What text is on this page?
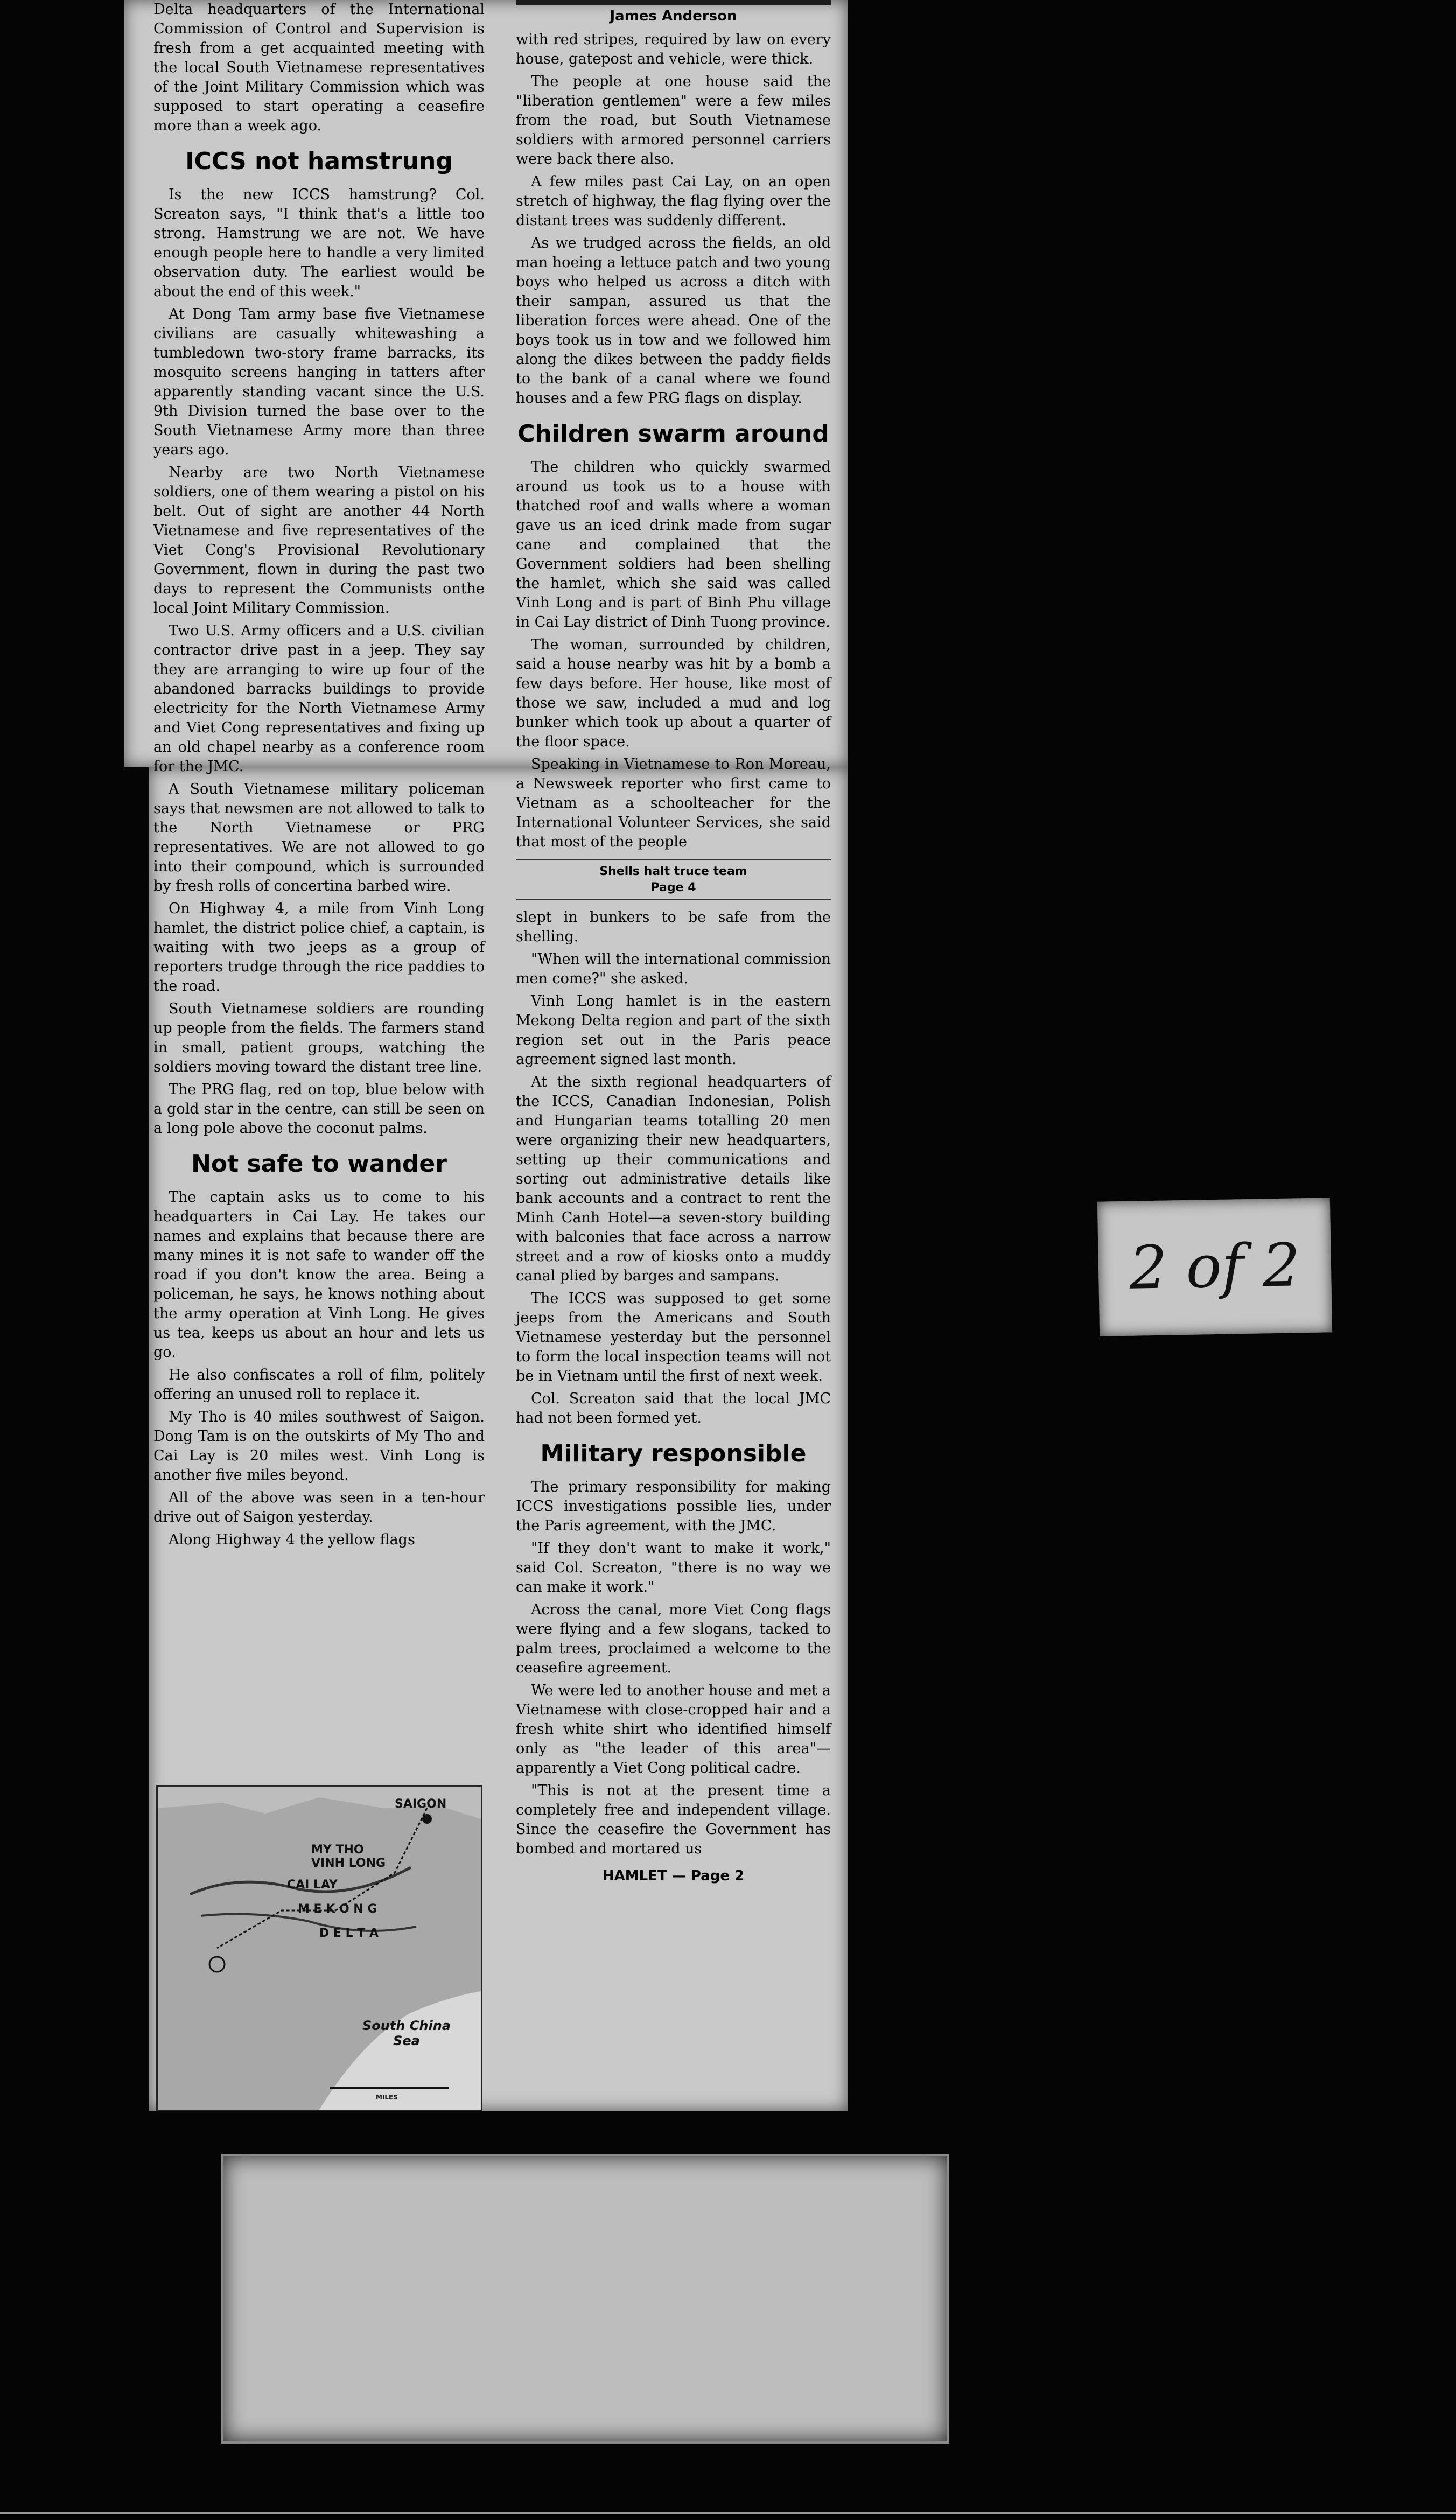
Delta headquarters of the International Commission of Control and Supervision is fresh from a get acquainted meeting with the local South Vietnamese representatives of the Joint Military Commission which was supposed to start operating a ceasefire more than a week ago.

ICCS not hamstrung

Is the new ICCS hamstrung? Col. Screaton says, "I think that's a little too strong. Hamstrung we are not. We have enough people here to handle a very limited observation duty. The earliest would be about the end of this week."

At Dong Tam army base five Vietnamese civilians are casually whitewashing a tumbledown two-story frame barracks, its mosquito screens hanging in tatters after apparently standing vacant since the U.S. 9th Division turned the base over to the South Vietnamese Army more than three years ago.

Nearby are two North Vietnamese soldiers, one of them wearing a pistol on his belt. Out of sight are another 44 North Vietnamese and five representatives of the Viet Cong's Provisional Revolutionary Government, flown in during the past two days to represent the Communists onthe local Joint Military Commission.

Two U.S. Army officers and a U.S. civilian contractor drive past in a jeep. They say they are arranging to wire up four of the abandoned barracks buildings to provide electricity for the North Vietnamese Army and Viet Cong representatives and fixing up an old chapel nearby as a conference room for the JMC.

A South Vietnamese military policeman says that newsmen are not allowed to talk to the North Vietnamese or PRG representatives. We are not allowed to go into their compound, which is surrounded by fresh rolls of concertina barbed wire.

On Highway 4, a mile from Vinh Long hamlet, the district police chief, a captain, is waiting with two jeeps as a group of reporters trudge through the rice paddies to the road.

South Vietnamese soldiers are rounding up people from the fields. The farmers stand in small, patient groups, watching the soldiers moving toward the distant tree line.

The PRG flag, red on top, blue below with a gold star in the centre, can still be seen on a long pole above the coconut palms.

Not safe to wander

The captain asks us to come to his headquarters in Cai Lay. He takes our names and explains that because there are many mines it is not safe to wander off the road if you don't know the area. Being a policeman, he says, he knows nothing about the army operation at Vinh Long. He gives us tea, keeps us about an hour and lets us go.

He also confiscates a roll of film, politely offering an unused roll to replace it.

My Tho is 40 miles southwest of Saigon. Dong Tam is on the outskirts of My Tho and Cai Lay is 20 miles west. Vinh Long is another five miles beyond.

All of the above was seen in a ten-hour drive out of Saigon yesterday.

Along Highway 4 the yellow flags

James Anderson

with red stripes, required by law on every house, gatepost and vehicle, were thick.

The people at one house said the "liberation gentlemen" were a few miles from the road, but South Vietnamese soldiers with armored personnel carriers were back there also.

A few miles past Cai Lay, on an open stretch of highway, the flag flying over the distant trees was suddenly different.

As we trudged across the fields, an old man hoeing a lettuce patch and two young boys who helped us across a ditch with their sampan, assured us that the liberation forces were ahead. One of the boys took us in tow and we followed him along the dikes between the paddy fields to the bank of a canal where we found houses and a few PRG flags on display.

Children swarm around

The children who quickly swarmed around us took us to a house with thatched roof and walls where a woman gave us an iced drink made from sugar cane and complained that the Government soldiers had been shelling the hamlet, which she said was called Vinh Long and is part of Binh Phu village in Cai Lay district of Dinh Tuong province.

The woman, surrounded by children, said a house nearby was hit by a bomb a few days before. Her house, like most of those we saw, included a mud and log bunker which took up about a quarter of the floor space.

Speaking in Vietnamese to Ron Moreau, a Newsweek reporter who first came to Vietnam as a schoolteacher for the International Volunteer Services, she said that most of the people

Shells halt truce team
Page 4

slept in bunkers to be safe from the shelling.

"When will the international commission men come?" she asked.

Vinh Long hamlet is in the eastern Mekong Delta region and part of the sixth region set out in the Paris peace agreement signed last month.

At the sixth regional headquarters of the ICCS, Canadian Indonesian, Polish and Hungarian teams totalling 20 men were organizing their new headquarters, setting up their communications and sorting out administrative details like bank accounts and a contract to rent the Minh Canh Hotel—a seven-story building with balconies that face across a narrow street and a row of kiosks onto a muddy canal plied by barges and sampans.

The ICCS was supposed to get some jeeps from the Americans and South Vietnamese yesterday but the personnel to form the local inspection teams will not be in Vietnam until the first of next week.

Col. Screaton said that the local JMC had not been formed yet.

Military responsible

The primary responsibility for making ICCS investigations possible lies, under the Paris agreement, with the JMC.

"If they don't want to make it work," said Col. Screaton, "there is no way we can make it work."

Across the canal, more Viet Cong flags were flying and a few slogans, tacked to palm trees, proclaimed a welcome to the ceasefire agreement.

We were led to another house and met a Vietnamese with close-cropped hair and a fresh white shirt who identified himself only as "the leader of this area"—apparently a Viet Cong political cadre.

"This is not at the present time a completely free and independent village. Since the ceasefire the Government has bombed and mortared us

HAMLET — Page 2
SAIGON
MY THO
VINH LONG
CAI LAY
M E K O N G
D E L T A
South China
Sea
MILES
2 of 2
